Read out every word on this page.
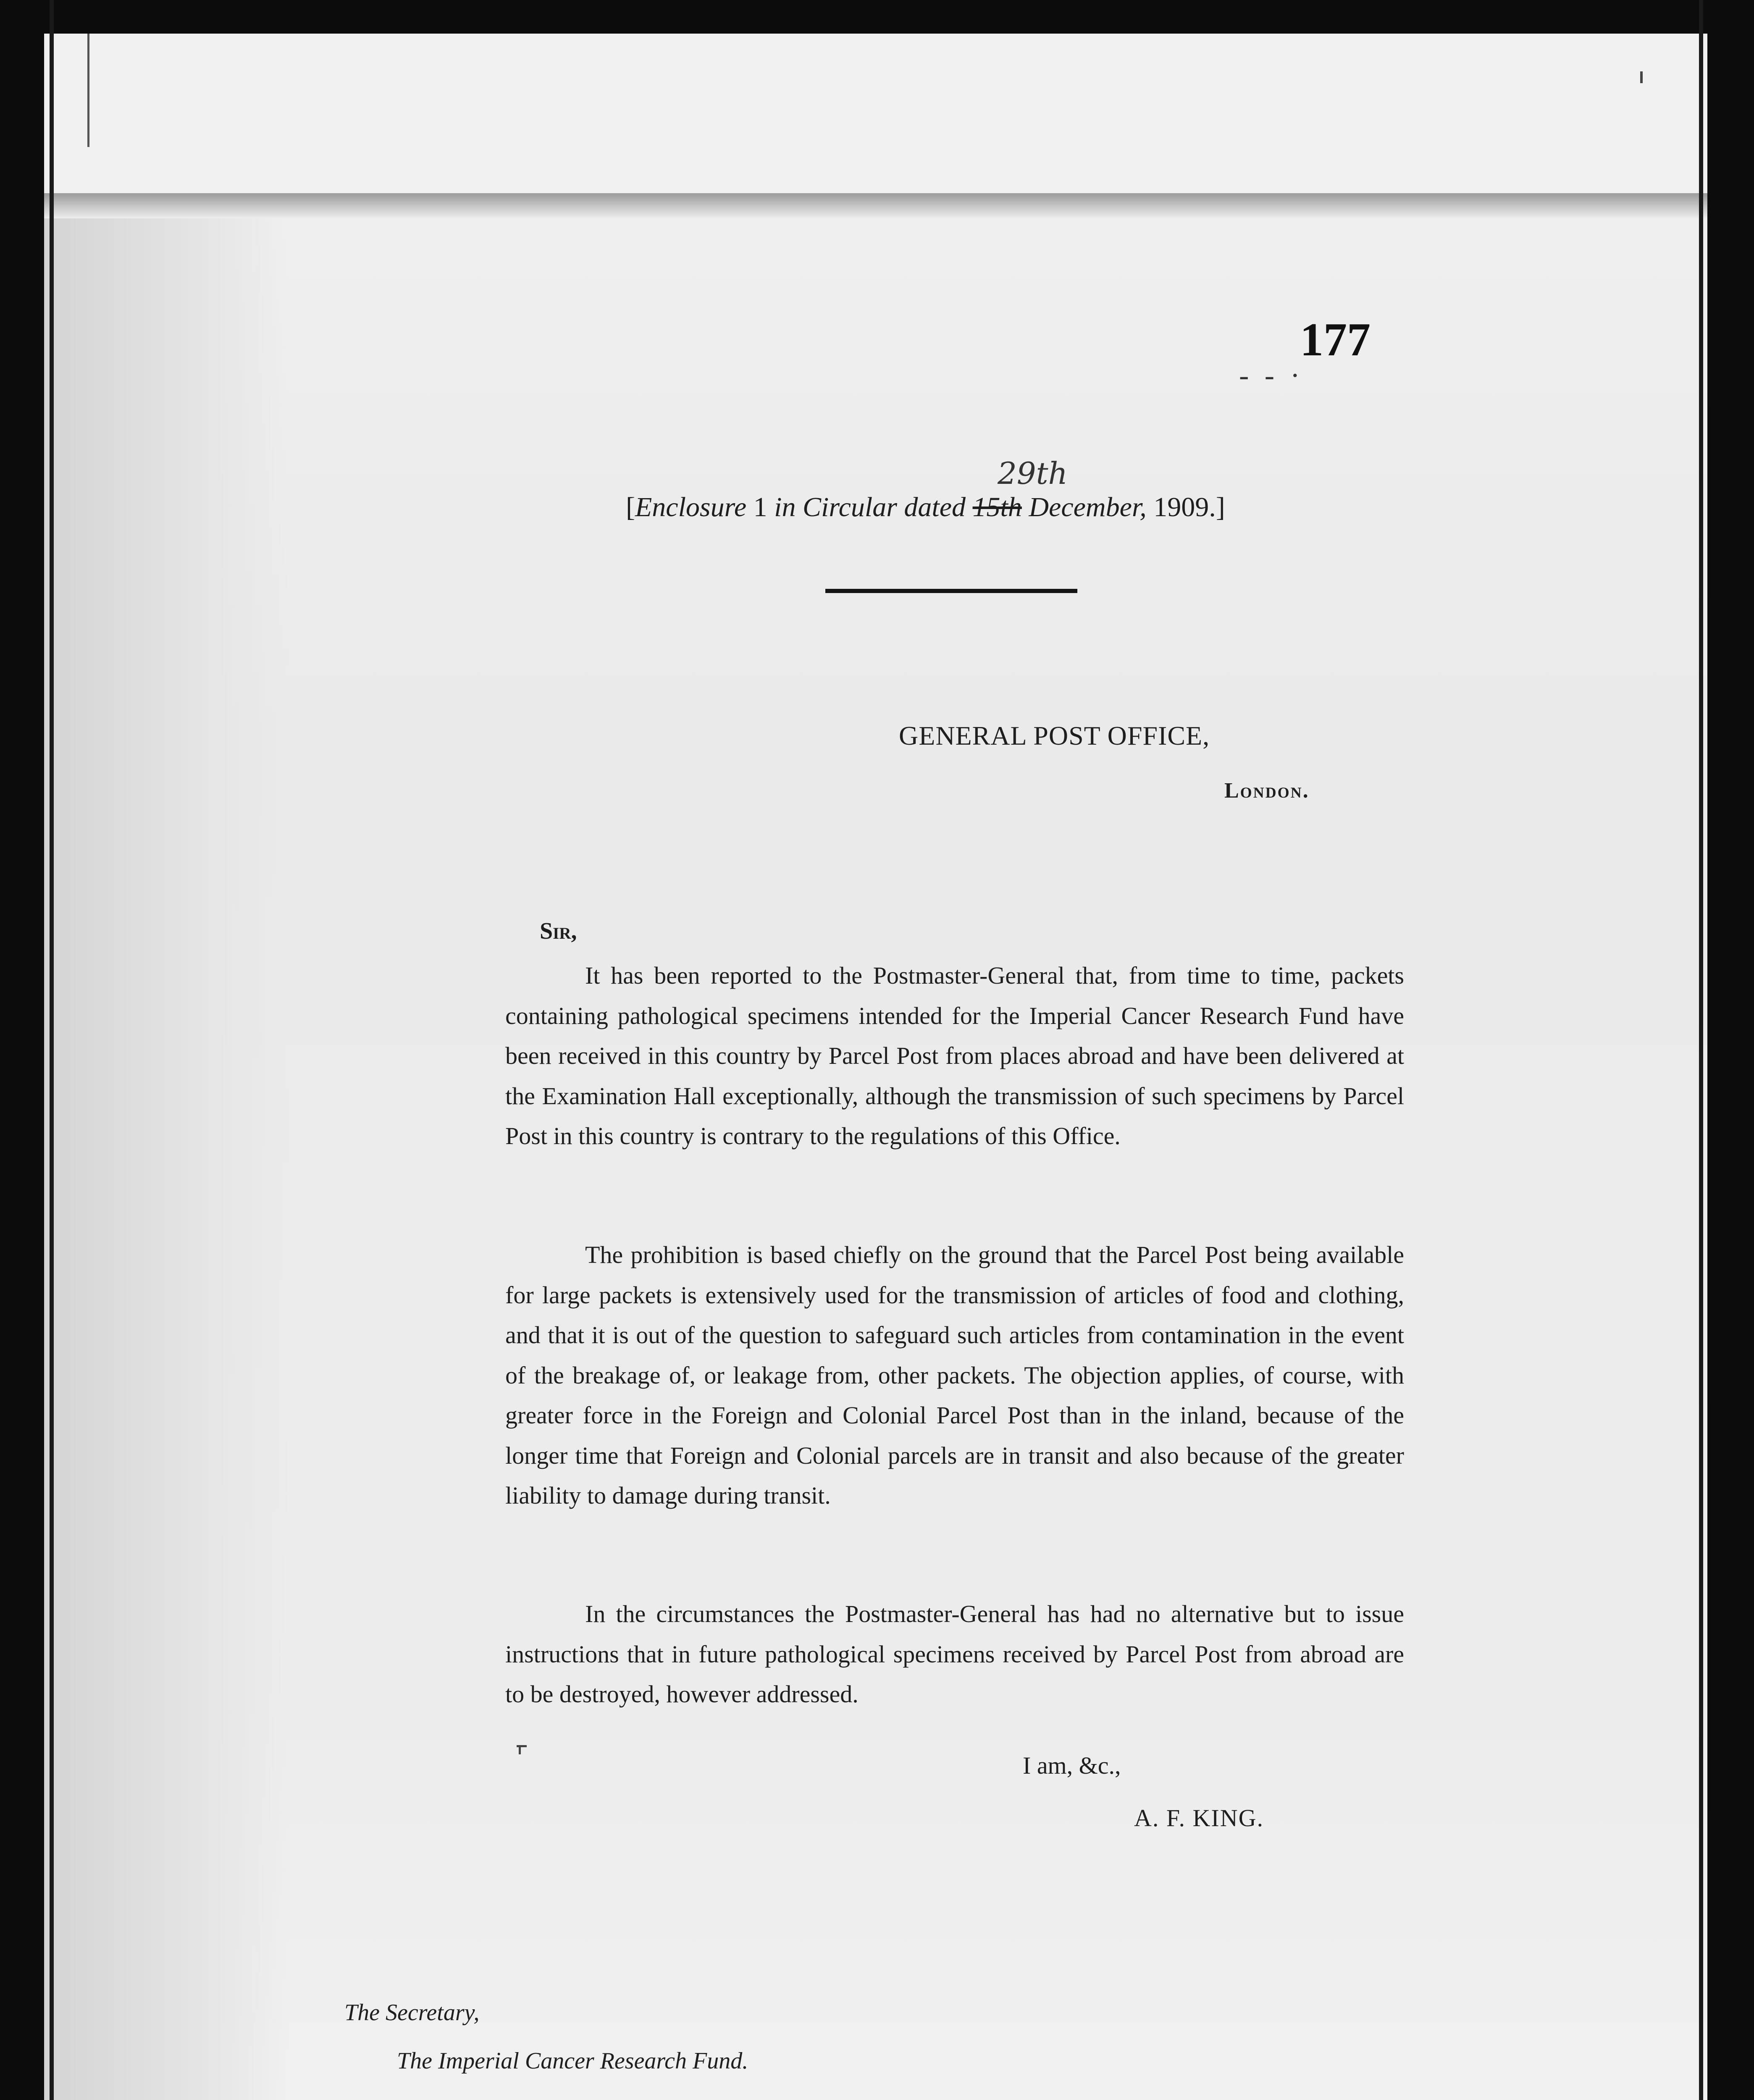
177
- - ·
29th
[Enclosure 1 in Circular dated 15th December, 1909.]
GENERAL POST OFFICE,
London.
Sir,

It has been reported to the Postmaster-General that, from time to time, packets containing pathological specimens intended for the Imperial Cancer Research Fund have been received in this country by Parcel Post from places abroad and have been delivered at the Examination Hall exceptionally, although the transmission of such specimens by Parcel Post in this country is contrary to the regulations of this Office.

The prohibition is based chiefly on the ground that the Parcel Post being available for large packets is extensively used for the transmission of articles of food and clothing, and that it is out of the question to safeguard such articles from contamination in the event of the breakage of, or leakage from, other packets. The objection applies, of course, with greater force in the Foreign and Colonial Parcel Post than in the inland, because of the longer time that Foreign and Colonial parcels are in transit and also because of the greater liability to damage during transit.

In the circumstances the Postmaster-General has had no alternative but to issue instructions that in future pathological specimens received by Parcel Post from abroad are to be destroyed, however addressed.

I am, &c.,
A. F. KING.
The Secretary,
The Imperial Cancer Research Fund.
